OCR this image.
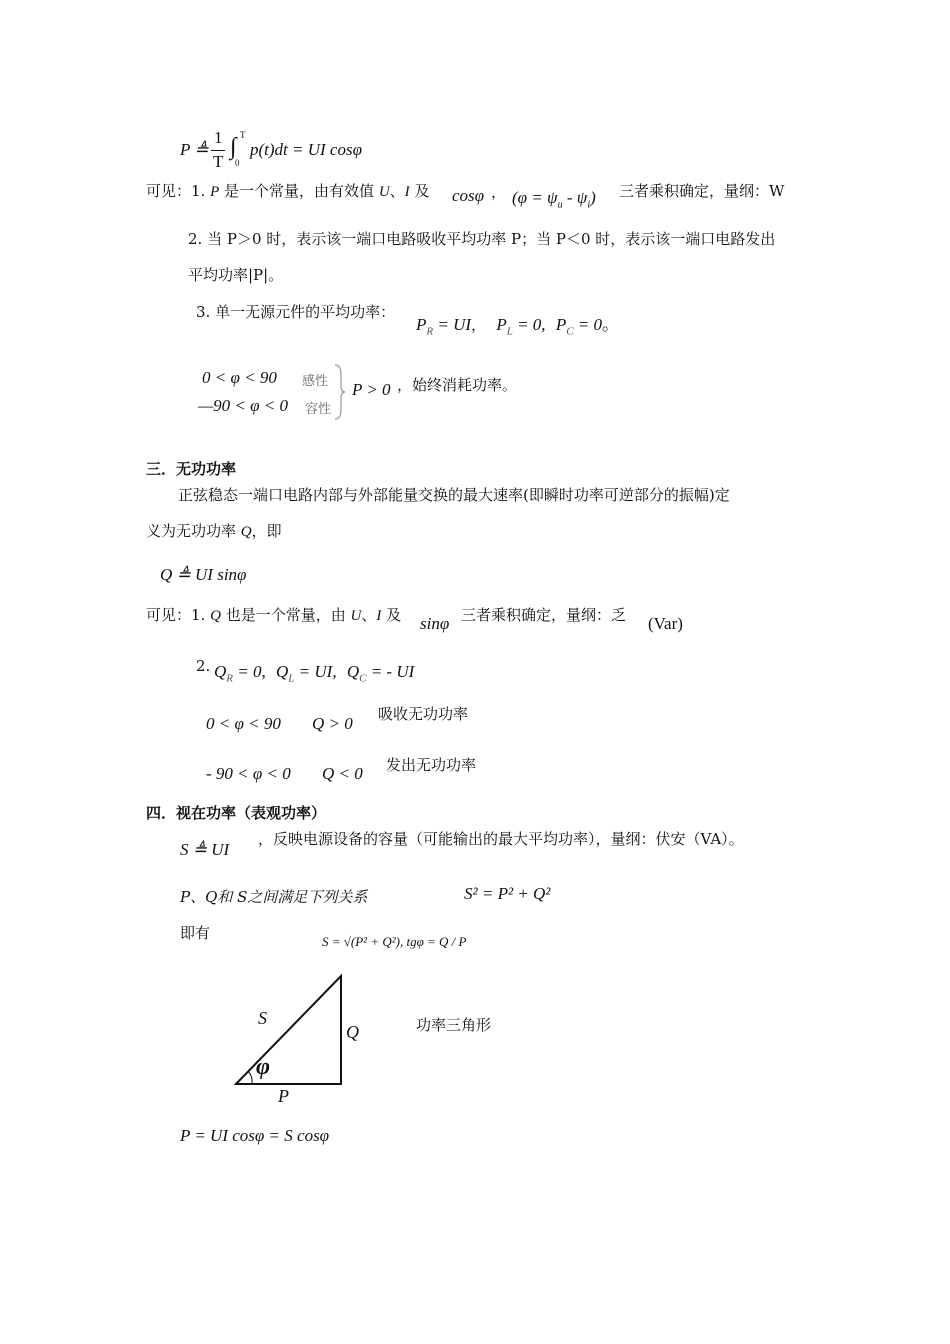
P ≜
1
T
∫ T
0
p(t)dt = UI cosφ
可见：1. P 是一个常量，由有效值 U、I 及 cosφ ， $(\varphi = \psi_u - \psi_i)$ 三者乘积确定，量纲：W
2. 当 P＞0 时，表示该一端口电路吸收平均功率 P；当 P＜0 时，表示该一端口电路发出
平均功率|P|。
3. 单一无源元件的平均功率：
$P_R$ = UI， $P_L = 0$, $P_C = 0$。
0 < φ < 90 感性
—90 < φ < 0 容性
P > 0 ，始终消耗功率。
三．无功功率
正弦稳态一端口电路内部与外部能量交换的最大速率(即瞬时功率可逆部分的振幅)定
义为无功功率 Q，即
Q ≜ UI sinφ
可见：1. Q 也是一个常量，由 U、I 及 sinφ 三者乘积确定，量纲：乏 (Var)
2. $Q_R = 0$, $Q_L$ = UI, $Q_C$ = - UI
0 < φ < 90 Q > 0 吸收无功功率
- 90 < φ < 0 Q < 0 发出无功功率
四．视在功率（表观功率）
S ≜ UI
，反映电源设备的容量（可能输出的最大平均功率），量纲：伏安（VA）。
P、Q和 S之间满足下列关系	S² = P² + Q²
即有	S = √(P² + Q²), tgφ = Q / P
S
Q
φ
P
功率三角形
P = UI cosφ = S cosφ
